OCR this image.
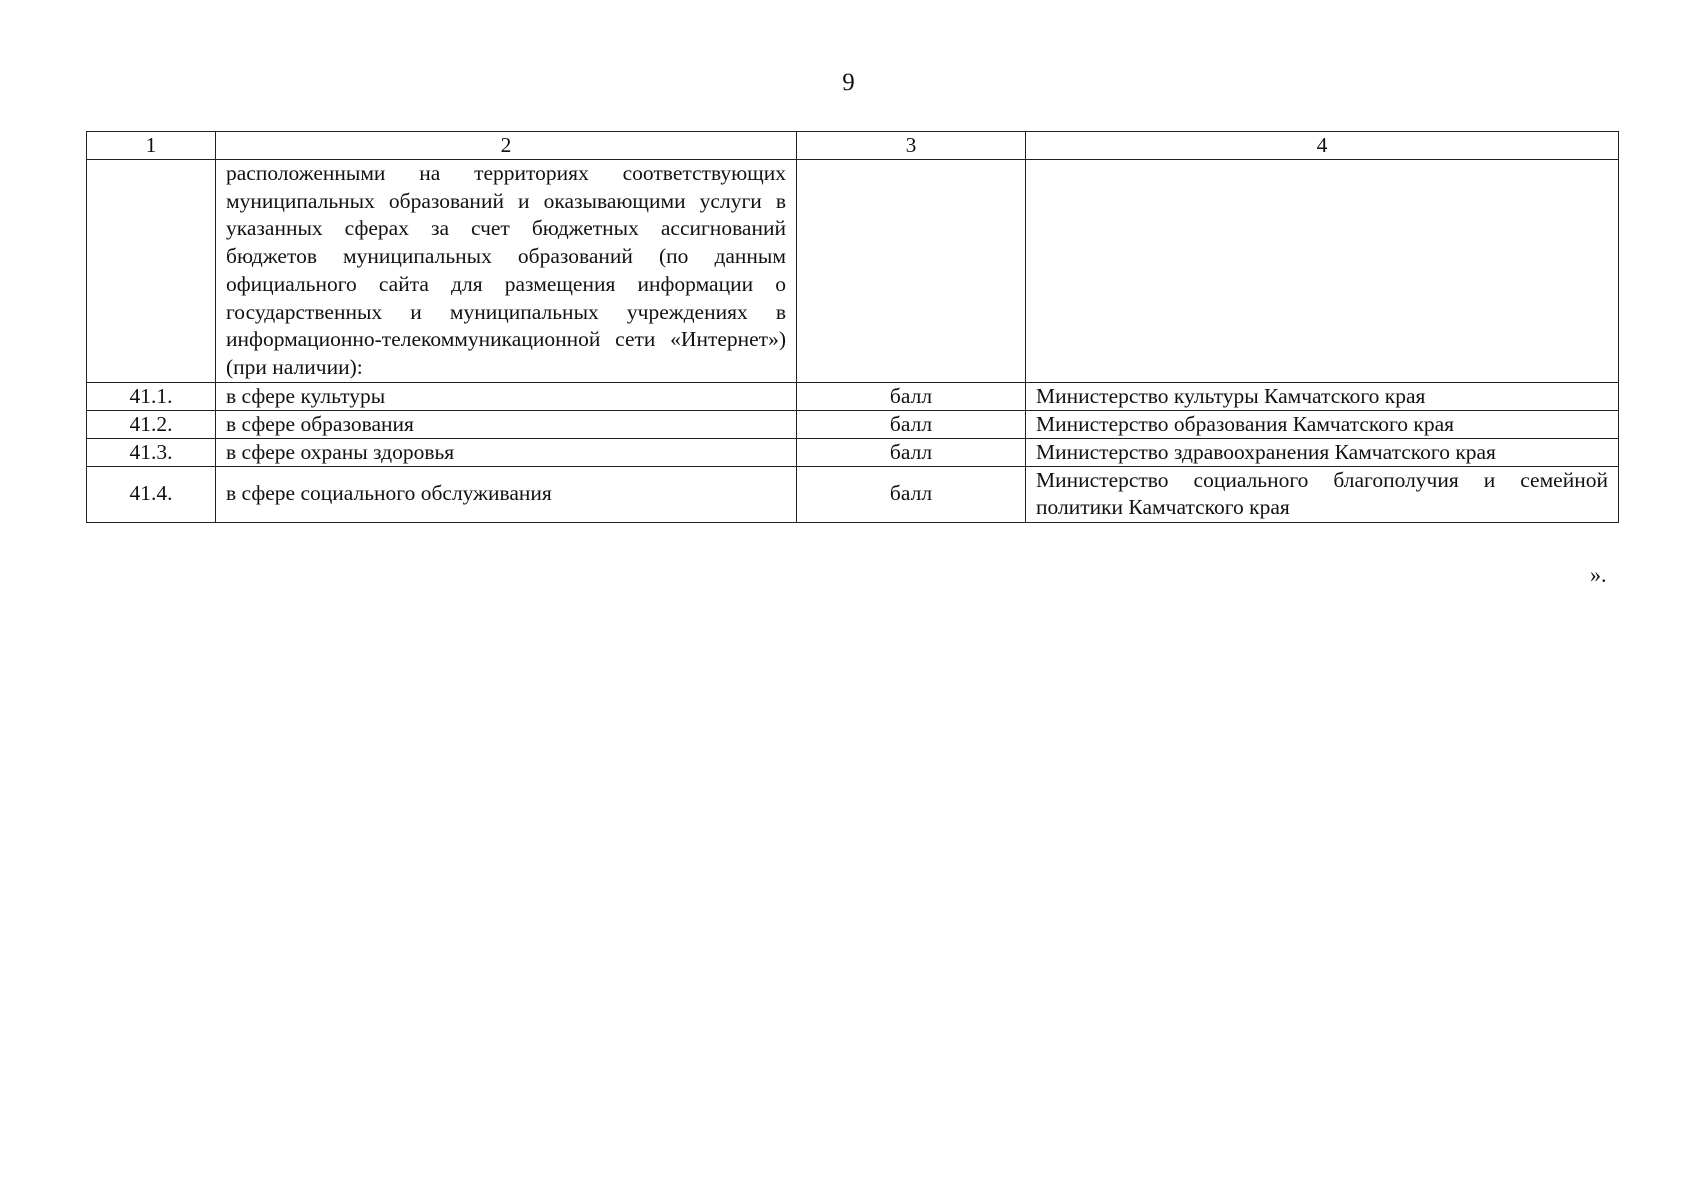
9
1	2	3	4
	расположенными на территориях соответствующих муниципальных образований и оказывающими услуги в указанных сферах за счет бюджетных ассигнований бюджетов муниципальных образований (по данным официального сайта для размещения информации о государственных и муниципальных учреждениях в информационно-телекоммуникационной сети «Интернет») (при наличии):		
41.1.	в сфере культуры	балл	Министерство культуры Камчатского края
41.2.	в сфере образования	балл	Министерство образования Камчатского края
41.3.	в сфере охраны здоровья	балл	Министерство здравоохранения Камчатского края
41.4.	в сфере социального обслуживания	балл	Министерство социального благополучия и семейной политики Камчатского края
».
